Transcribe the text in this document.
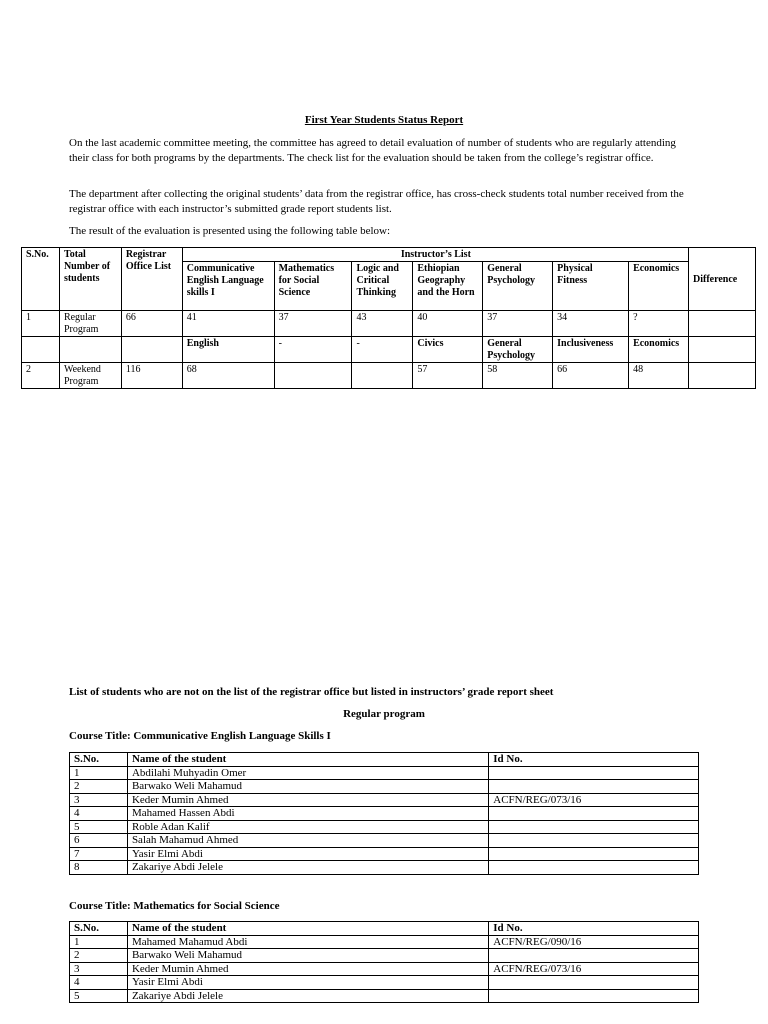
First Year Students Status Report

On the last academic committee meeting, the committee has agreed to detail evaluation of number of students who are regularly attending their class for both programs by the departments. The check list for the evaluation should be taken from the college’s registrar office.

The department after collecting the original students’ data from the registrar office, has cross-check students total number received from the registrar office with each instructor’s submitted grade report students list.

The result of the evaluation is presented using the following table below:

S.No.	Total Number of students	Registrar Office List	Instructor’s List							Difference
			Communicative English Language skills I	Mathematics for Social Science	Logic and Critical Thinking	Ethiopian Geography and the Horn	General Psychology	Physical Fitness	Economics	
1	Regular Program	66	41	37	43	40	37	34	?	
			English	-	-	Civics	General Psychology	Inclusiveness	Economics	
2	Weekend Program	116	68			57	58	66	48	
List of students who are not on the list of the registrar office but listed in instructors’ grade report sheet
Regular program
Course Title: Communicative English Language Skills I
S.No.	Name of the student	Id No.
1	Abdilahi Muhyadin Omer	
2	Barwako Weli Mahamud	
3	Keder Mumin Ahmed	ACFN/REG/073/16
4	Mahamed Hassen Abdi	
5	Roble Adan Kalif	
6	Salah Mahamud Ahmed	
7	Yasir Elmi Abdi	
8	Zakariye Abdi Jelele	
Course Title: Mathematics for Social Science
S.No.	Name of the student	Id No.
1	Mahamed Mahamud Abdi	ACFN/REG/090/16
2	Barwako Weli Mahamud	
3	Keder Mumin Ahmed	ACFN/REG/073/16
4	Yasir Elmi Abdi	
5	Zakariye Abdi Jelele	
